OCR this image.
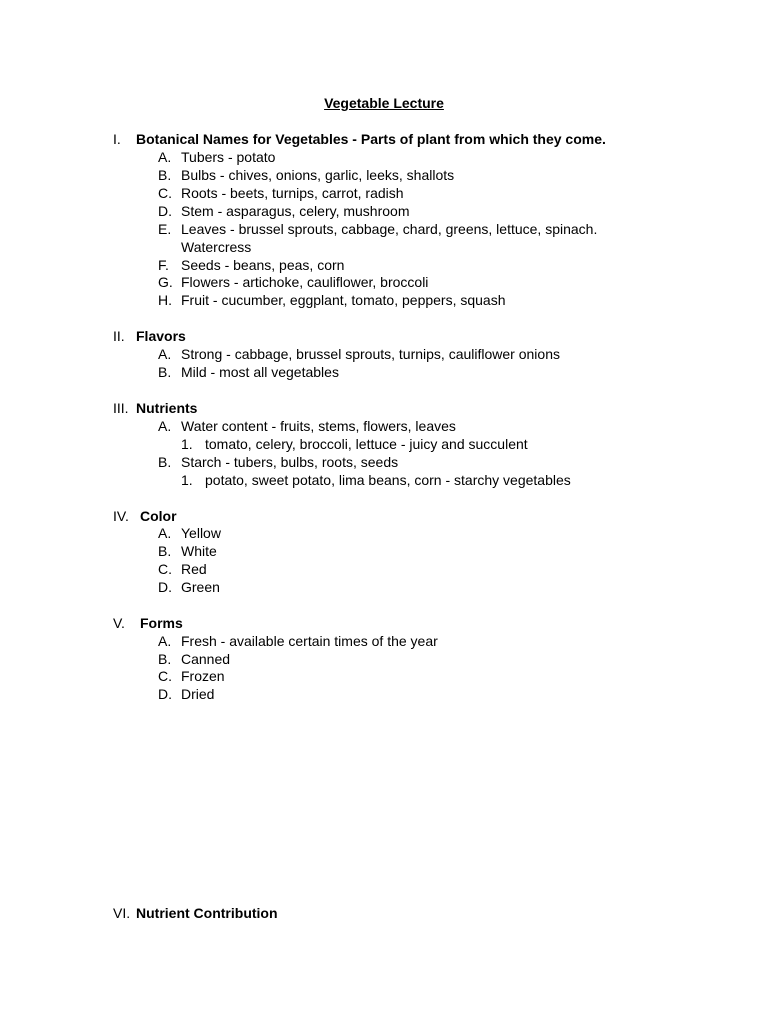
Vegetable Lecture
I. Botanical Names for Vegetables - Parts of plant from which they come.
A. Tubers - potato
B. Bulbs - chives, onions, garlic, leeks, shallots
C. Roots - beets, turnips, carrot, radish
D. Stem - asparagus, celery, mushroom
E. Leaves - brussel sprouts, cabbage, chard, greens, lettuce, spinach.
Watercress
F. Seeds - beans, peas, corn
G. Flowers - artichoke, cauliflower, broccoli
H. Fruit - cucumber, eggplant, tomato, peppers, squash
II. Flavors
A. Strong - cabbage, brussel sprouts, turnips, cauliflower onions
B. Mild - most all vegetables
III. Nutrients
A. Water content - fruits, stems, flowers, leaves
1. tomato, celery, broccoli, lettuce - juicy and succulent
B. Starch - tubers, bulbs, roots, seeds
1. potato, sweet potato, lima beans, corn - starchy vegetables
IV. Color
A. Yellow
B. White
C. Red
D. Green
V. Forms
A. Fresh - available certain times of the year
B. Canned
C. Frozen
D. Dried
VI. Nutrient Contribution
